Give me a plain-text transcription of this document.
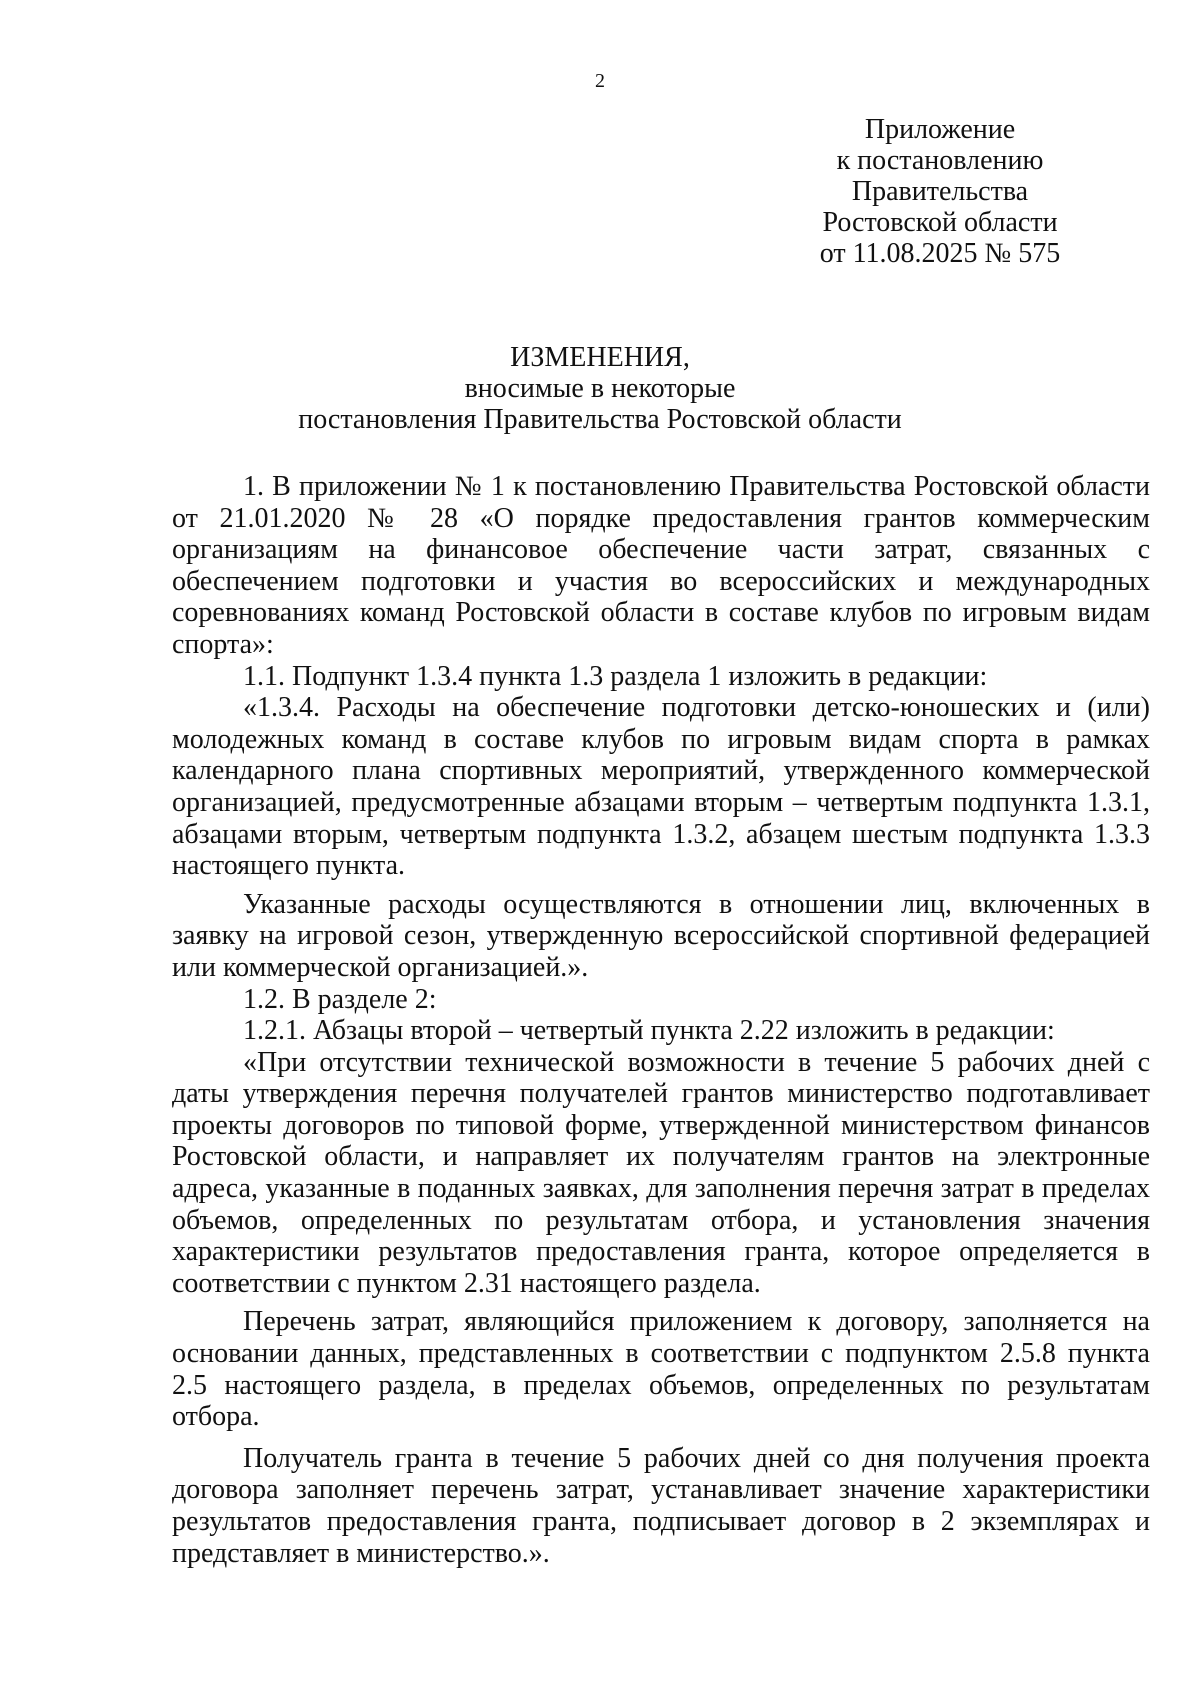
2
Приложение
к постановлению
Правительства
Ростовской области
от 11.08.2025 № 575
ИЗМЕНЕНИЯ,
вносимые в некоторые
постановления Правительства Ростовской области

1. В приложении № 1 к постановлению Правительства Ростовской области от 21.01.2020 № 28 «О порядке предоставления грантов коммерческим организациям на финансовое обеспечение части затрат, связанных с обеспечением подготовки и участия во всероссийских и международных соревнованиях команд Ростовской области в составе клубов по игровым видам спорта»:

1.1. Подпункт 1.3.4 пункта 1.3 раздела 1 изложить в редакции:

«1.3.4. Расходы на обеспечение подготовки детско-юношеских и (или) молодежных команд в составе клубов по игровым видам спорта в рамках календарного плана спортивных мероприятий, утвержденного коммерческой организацией, предусмотренные абзацами вторым – четвертым подпункта 1.3.1, абзацами вторым, четвертым подпункта 1.3.2, абзацем шестым подпункта 1.3.3 настоящего пункта.

Указанные расходы осуществляются в отношении лиц, включенных в заявку на игровой сезон, утвержденную всероссийской спортивной федерацией или коммерческой организацией.».

1.2. В разделе 2:

1.2.1. Абзацы второй – четвертый пункта 2.22 изложить в редакции:

«При отсутствии технической возможности в течение 5 рабочих дней с даты утверждения перечня получателей грантов министерство подготавливает проекты договоров по типовой форме, утвержденной министерством финансов Ростовской области, и направляет их получателям грантов на электронные адреса, указанные в поданных заявках, для заполнения перечня затрат в пределах объемов, определенных по результатам отбора, и установления значения характеристики результатов предоставления гранта, которое определяется в соответствии с пунктом 2.31 настоящего раздела.

Перечень затрат, являющийся приложением к договору, заполняется на основании данных, представленных в соответствии с подпунктом 2.5.8 пункта 2.5 настоящего раздела, в пределах объемов, определенных по результатам отбора.

Получатель гранта в течение 5 рабочих дней со дня получения проекта договора заполняет перечень затрат, устанавливает значение характеристики результатов предоставления гранта, подписывает договор в 2 экземплярах и представляет в министерство.».
